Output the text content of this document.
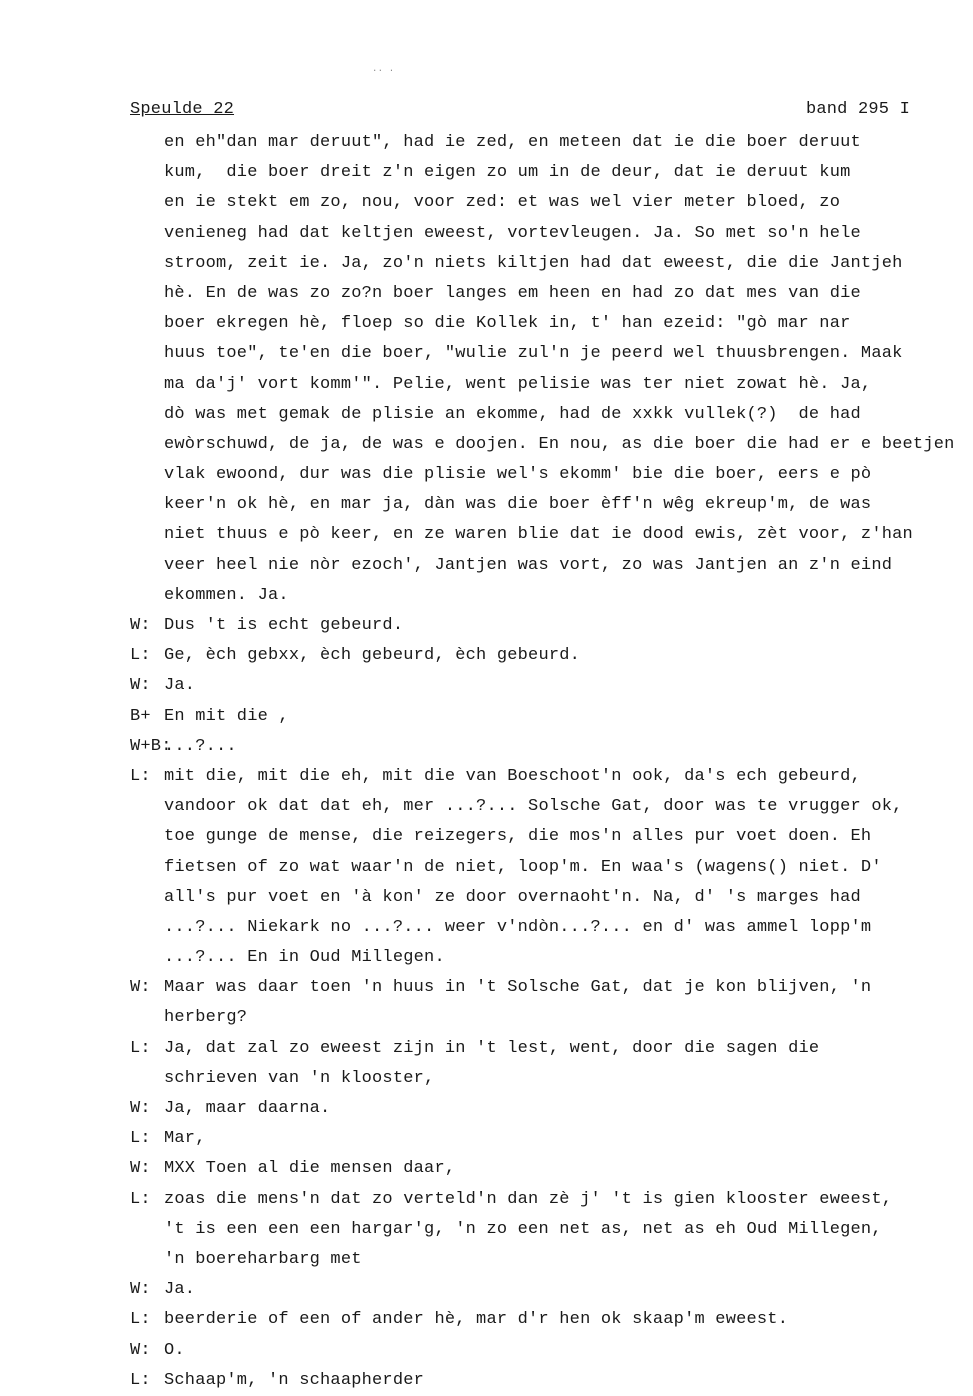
·· ·
Speulde 22	band 295 I
en eh"dan mar deruut", had ie zed, en meteen dat ie die boer deruut
kum,  die boer dreit z'n eigen zo um in de deur, dat ie deruut kum
en ie stekt em zo, nou, voor zed: et was wel vier meter bloed, zo
venieneg had dat keltjen eweest, vortevleugen. Ja. So met so'n hele
stroom, zeit ie. Ja, zo'n niets kiltjen had dat eweest, die die Jantjeh
hè. En de was zo zo?n boer langes em heen en had zo dat mes van die
boer ekregen hè, floep so die Kollek in, t' han ezeid: "gò mar nar
huus toe", te'en die boer, "wulie zul'n je peerd wel thuusbrengen. Maak
ma da'j' vort komm'". Pelie, went pelisie was ter niet zowat hè. Ja,
dò was met gemak de plisie an ekomme, had de xxkk vullek(?)  de had
ewòrschuwd, de ja, de was e doojen. En nou, as die boer die had er e beetjen
vlak ewoond, dur was die plisie wel's ekomm' bie die boer, eers e pò
keer'n ok hè, en mar ja, dàn was die boer èff'n wêg ekreup'm, de was
niet thuus e pò keer, en ze waren blie dat ie dood ewis, zèt voor, z'han
veer heel nie nòr ezoch', Jantjen was vort, zo was Jantjen an z'n eind
ekommen. Ja.
W: Dus 't is echt gebeurd.
L: Ge, èch gebxx, èch gebeurd, èch gebeurd.
W: Ja.
B+ En mit die ,
W+B:
...?...
L: mit die, mit die eh, mit die van Boeschoot'n ook, da's ech gebeurd,
vandoor ok dat dat eh, mer ...?... Solsche Gat, door was te vrugger ok,
toe gunge de mense, die reizegers, die mos'n alles pur voet doen. Eh
fietsen of zo wat waar'n de niet, loop'm. En waa's (wagens() niet. D'
all's pur voet en 'à kon' ze door overnaoht'n. Na, d' 's marges had
...?... Niekark no ...?... weer v'ndòn...?... en d' was ammel lopp'm
...?... En in Oud Millegen.
W: Maar was daar toen 'n huus in 't Solsche Gat, dat je kon blijven, 'n
herberg?
L: Ja, dat zal zo eweest zijn in 't lest, went, door die sagen die
schrieven van 'n klooster,
W: Ja, maar daarna.
L: Mar,
W: MXX Toen al die mensen daar,
L: zoas die mens'n dat zo verteld'n dan zè j' 't is gien klooster eweest,
't is een een een hargar'g, 'n zo een net as, net as eh Oud Millegen,
'n boereharbarg met
W: Ja.
L: beerderie of een of ander hè, mar d'r hen ok skaap'm eweest.
W: O.
L: Schaap'm, 'n schaapherder
